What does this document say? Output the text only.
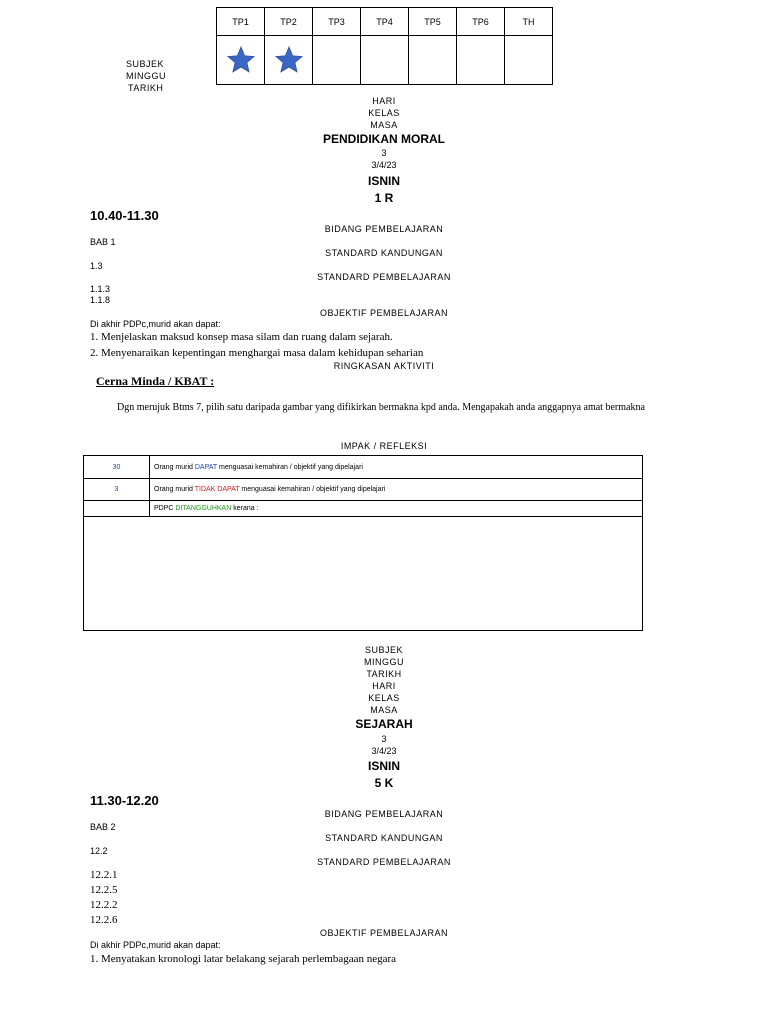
TP1	TP2	TP3	TP4	TP5	TP6	TH

SUBJEK
MINGGU
TARIKH
HARI
KELAS
MASA
PENDIDIKAN MORAL
3
3/4/23
ISNIN
1 R
10.40-11.30
BIDANG PEMBELAJARAN
BAB 1
STANDARD KANDUNGAN
1.3
STANDARD PEMBELAJARAN
1.1.3
1.1.8
OBJEKTIF PEMBELAJARAN
Di akhir PDPc,murid akan dapat:
1. Menjelaskan maksud konsep masa silam dan ruang dalam sejarah.
2. Menyenaraikan kepentingan menghargai masa dalam kehidupan seharian
RINGKASAN AKTIVITI
Cerna Minda / KBAT :
Dgn merujuk Btms 7, pilih satu daripada gambar yang difikirkan bermakna kpd anda. Mengapakah anda anggapnya amat bermakna
IMPAK / REFLEKSI
30	Orang murid DAPAT menguasai kemahiran / objektif yang dipelajari
3	Orang murid TIDAK DAPAT menguasai kemahiran / objektif yang dipelajari
	PDPC DITANGGUHKAN kerana :

SUBJEK
MINGGU
TARIKH
HARI
KELAS
MASA
SEJARAH
3
3/4/23
ISNIN
5 K
11.30-12.20
BIDANG PEMBELAJARAN
BAB 2
STANDARD KANDUNGAN
12.2
STANDARD PEMBELAJARAN
12.2.1
12.2.5
12.2.2
12.2.6
OBJEKTIF PEMBELAJARAN
Di akhir PDPc,murid akan dapat:
1. Menyatakan kronologi latar belakang sejarah perlembagaan negara
